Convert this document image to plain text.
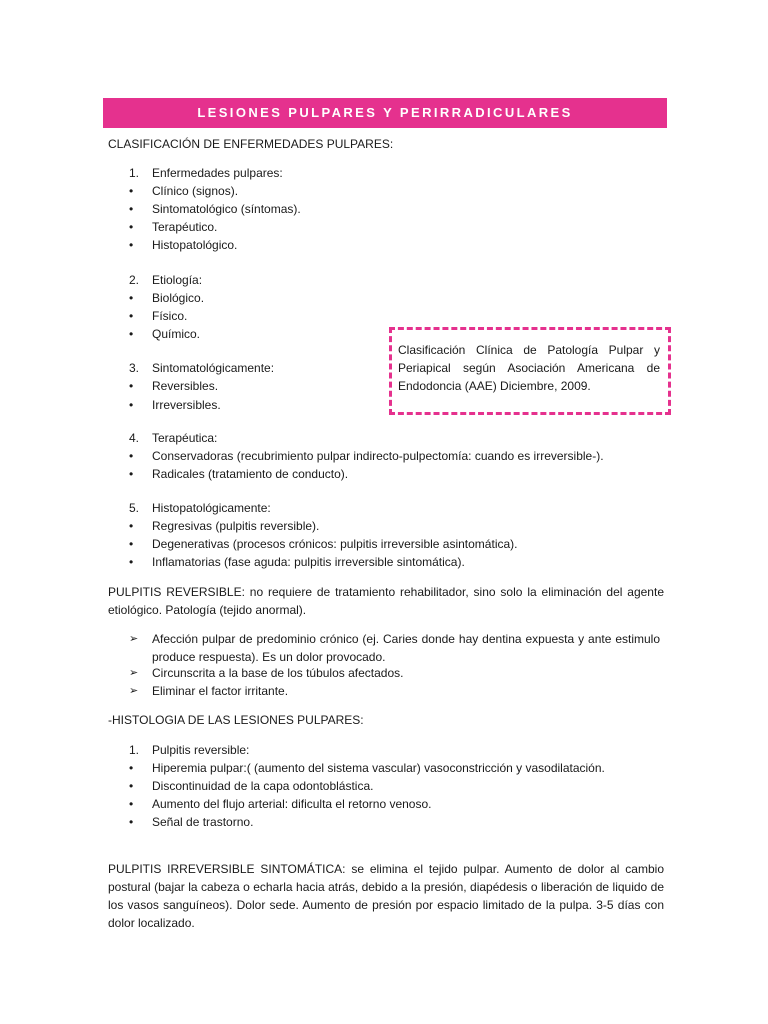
LESIONES PULPARES Y PERIRRADICULARES
CLASIFICACIÓN DE ENFERMEDADES PULPARES:
1. Enfermedades pulpares:
• Clínico (signos).
• Sintomatológico (síntomas).
• Terapéutico.
• Histopatológico.
2. Etiología:
• Biológico.
• Físico.
• Químico.
Clasificación Clínica de Patología Pulpar y Periapical según Asociación Americana de Endodoncia (AAE) Diciembre, 2009.
3. Sintomatológicamente:
• Reversibles.
• Irreversibles.
4. Terapéutica:
• Conservadoras (recubrimiento pulpar indirecto-pulpectomía: cuando es irreversible-).
• Radicales (tratamiento de conducto).
5. Histopatológicamente:
• Regresivas (pulpitis reversible).
• Degenerativas (procesos crónicos: pulpitis irreversible asintomática).
• Inflamatorias (fase aguda: pulpitis irreversible sintomática).
PULPITIS REVERSIBLE: no requiere de tratamiento rehabilitador, sino solo la eliminación del agente etiológico. Patología (tejido anormal).
➢ Afección pulpar de predominio crónico (ej. Caries donde hay dentina expuesta y ante estimulo produce respuesta). Es un dolor provocado.
➢ Circunscrita a la base de los túbulos afectados.
➢ Eliminar el factor irritante.
-HISTOLOGIA DE LAS LESIONES PULPARES:
1. Pulpitis reversible:
• Hiperemia pulpar:( (aumento del sistema vascular) vasoconstricción y vasodilatación.
• Discontinuidad de la capa odontoblástica.
• Aumento del flujo arterial: dificulta el retorno venoso.
• Señal de trastorno.
PULPITIS IRREVERSIBLE SINTOMÁTICA: se elimina el tejido pulpar. Aumento de dolor al cambio postural (bajar la cabeza o echarla hacia atrás, debido a la presión, diapédesis o liberación de liquido de los vasos sanguíneos). Dolor sede. Aumento de presión por espacio limitado de la pulpa. 3-5 días con dolor localizado.
